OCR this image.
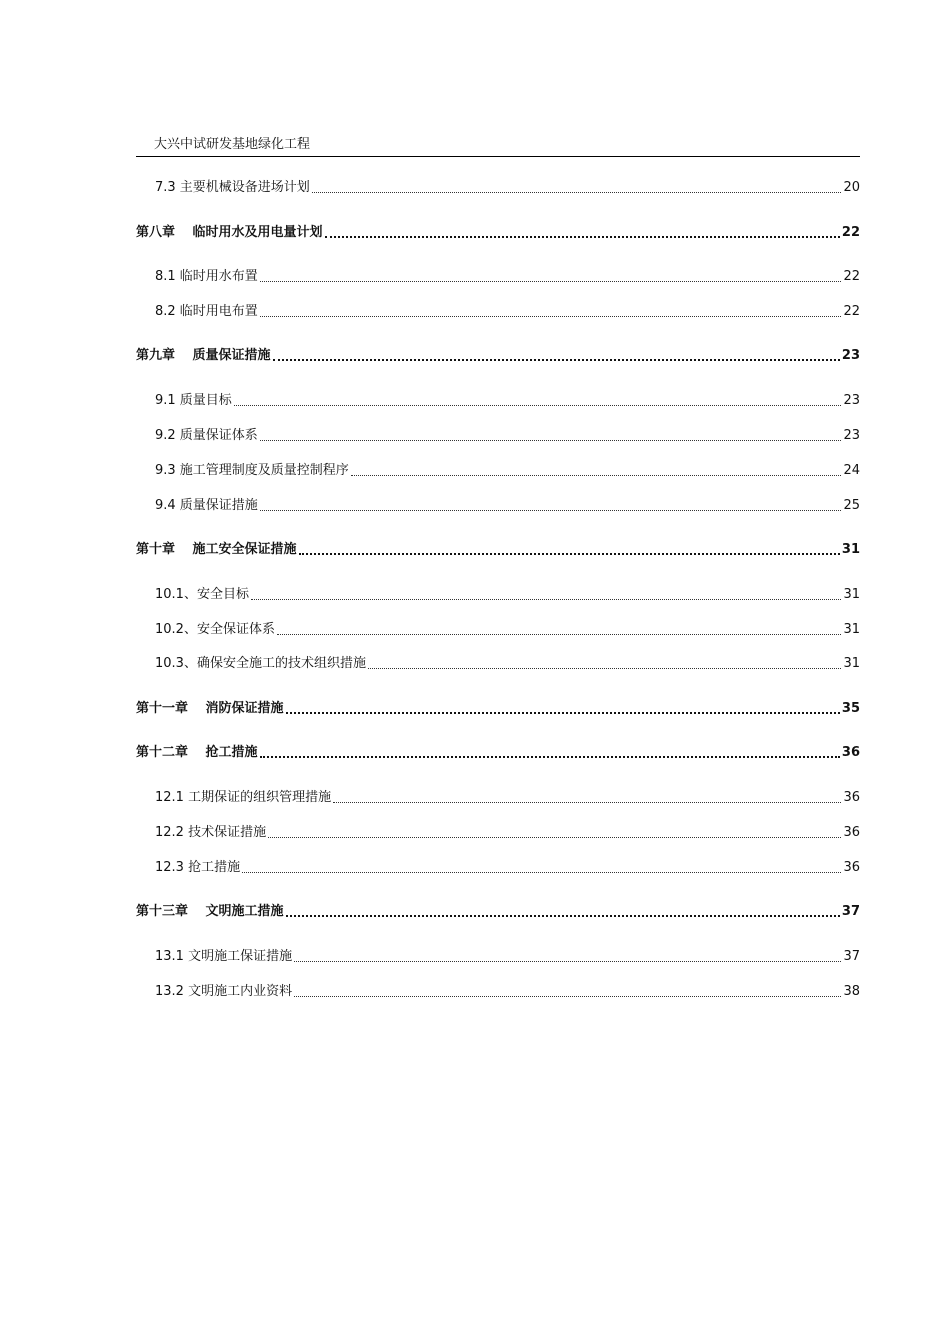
大兴中试研发基地绿化工程
7.3 主要机械设备进场计划	20
第八章　 临时用水及用电量计划	22
8.1 临时用水布置	22
8.2 临时用电布置	22
第九章　 质量保证措施	23
9.1 质量目标	23
9.2 质量保证体系	23
9.3 施工管理制度及质量控制程序	24
9.4 质量保证措施	25
第十章　 施工安全保证措施	31
10.1、安全目标	31
10.2、安全保证体系	31
10.3、确保安全施工的技术组织措施	31
第十一章　 消防保证措施	35
第十二章　 抢工措施	36
12.1 工期保证的组织管理措施	36
12.2 技术保证措施	36
12.3 抢工措施	36
第十三章　 文明施工措施	37
13.1 文明施工保证措施	37
13.2 文明施工内业资料	38
